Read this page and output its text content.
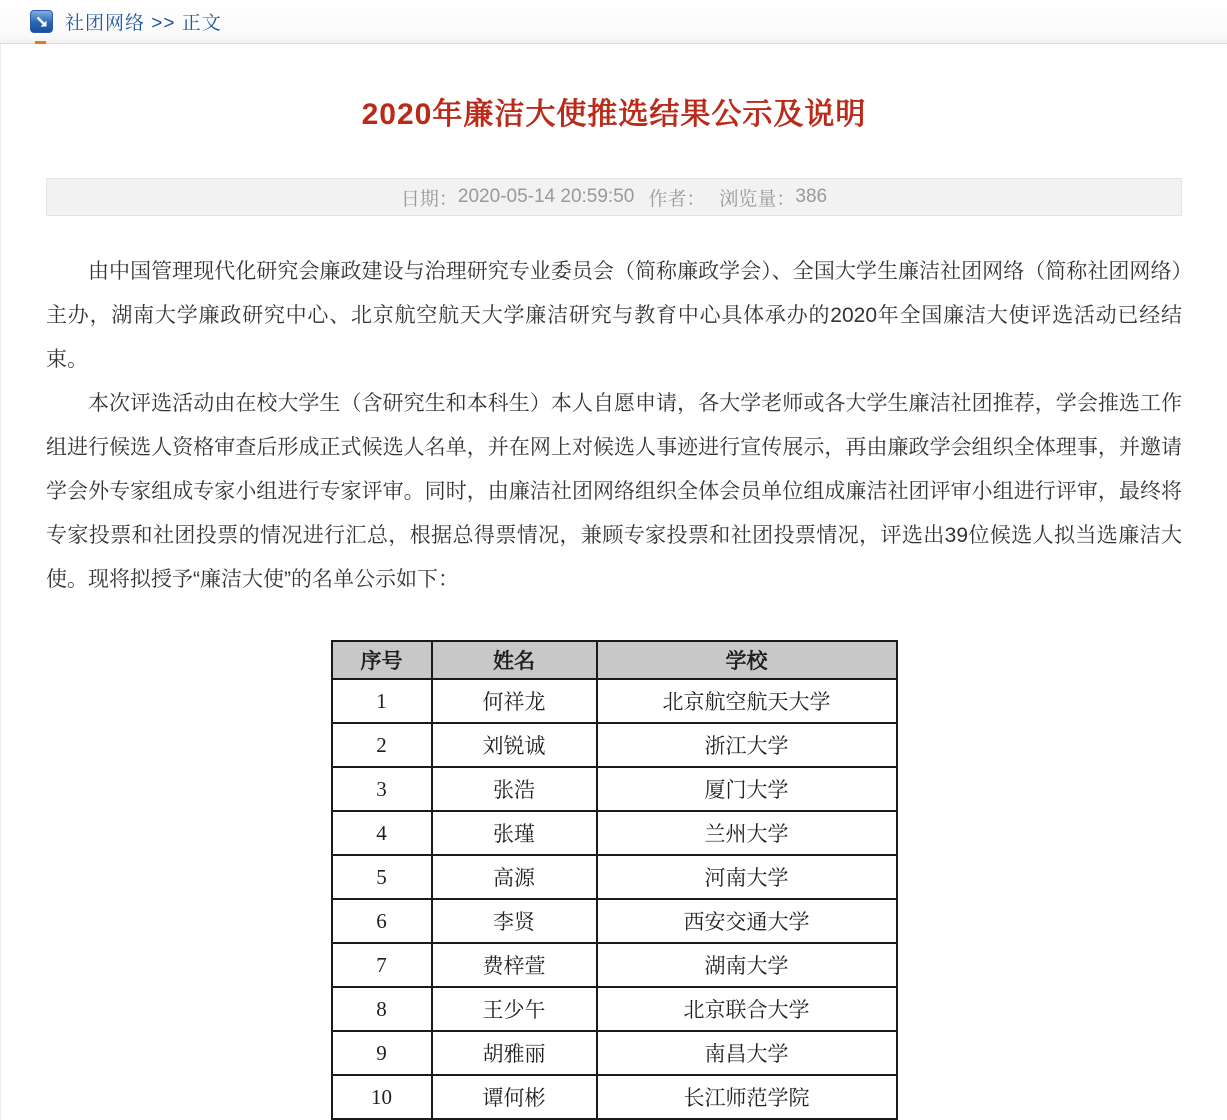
社团网络 >> 正文
2020年廉洁大使推选结果公示及说明
日期： 2020-05-14 20:59:50 作者： 浏览量： 386

由中国管理现代化研究会廉政建设与治理研究专业委员会（简称廉政学会）、全国大学生廉洁社团网络（简称社团网络）主办，湖南大学廉政研究中心、北京航空航天大学廉洁研究与教育中心具体承办的2020年全国廉洁大使评选活动已经结束。

本次评选活动由在校大学生（含研究生和本科生）本人自愿申请，各大学老师或各大学生廉洁社团推荐，学会推选工作组进行候选人资格审查后形成正式候选人名单，并在网上对候选人事迹进行宣传展示，再由廉政学会组织全体理事，并邀请学会外专家组成专家小组进行专家评审。同时，由廉洁社团网络组织全体会员单位组成廉洁社团评审小组进行评审，最终将专家投票和社团投票的情况进行汇总，根据总得票情况，兼顾专家投票和社团投票情况，评选出39位候选人拟当选廉洁大使。现将拟授予“廉洁大使”的名单公示如下：

序号	姓名	学校
1	何祥龙	北京航空航天大学
2	刘锐诚	浙江大学
3	张浩	厦门大学
4	张瑾	兰州大学
5	高源	河南大学
6	李贤	西安交通大学
7	费梓萱	湖南大学
8	王少午	北京联合大学
9	胡雅丽	南昌大学
10	谭何彬	长江师范学院
